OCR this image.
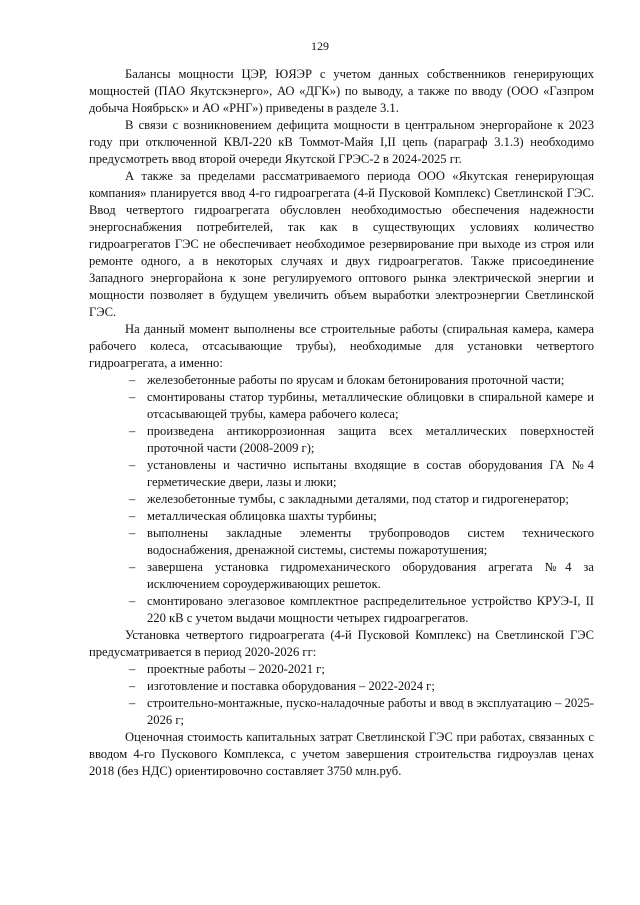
129

Балансы мощности ЦЭР, ЮЯЭР с учетом данных собственников генерирующих мощностей (ПАО Якутскэнерго», АО «ДГК») по выводу, а также по вводу (ООО «Газпром добыча Ноябрьск» и АО «РНГ») приведены в разделе 3.1.

В связи с возникновением дефицита мощности в центральном энергорайоне к 2023 году при отключенной КВЛ-220 кВ Томмот-Майя I,II цепь (параграф 3.1.3) необходимо предусмотреть ввод второй очереди Якутской ГРЭС-2 в 2024-2025 гг.

А также за пределами рассматриваемого периода ООО «Якутская генерирующая компания» планируется ввод 4-го гидроагрегата (4-й Пусковой Комплекс) Светлинской ГЭС. Ввод четвертого гидроагрегата обусловлен необходимостью обеспечения надежности энергоснабжения потребителей, так как в существующих условиях количество гидроагрегатов ГЭС не обеспечивает необходимое резервирование при выходе из строя или ремонте одного, а в некоторых случаях и двух гидроагрегатов. Также присоединение Западного энергорайона к зоне регулируемого оптового рынка электрической энергии и мощности позволяет в будущем увеличить объем выработки электроэнергии Светлинской ГЭС.

На данный момент выполнены все строительные работы (спиральная камера, камера рабочего колеса, отсасывающие трубы), необходимые для установки четвертого гидроагрегата, а именно:

– железобетонные работы по ярусам и блокам бетонирования проточной части;
– смонтированы статор турбины, металлические облицовки в спиральной камере и отсасывающей трубы, камера рабочего колеса;
– произведена антикоррозионная защита всех металлических поверхностей проточной части (2008-2009 г);
– установлены и частично испытаны входящие в состав оборудования ГА №4 герметические двери, лазы и люки;
– железобетонные тумбы, с закладными деталями, под статор и гидрогенератор;
– металлическая облицовка шахты турбины;
– выполнены закладные элементы трубопроводов систем технического водоснабжения, дренажной системы, системы пожаротушения;
– завершена установка гидромеханического оборудования агрегата №4 за исключением сороудерживающих решеток.
– смонтировано элегазовое комплектное распределительное устройство КРУЭ-I, II 220 кВ с учетом выдачи мощности четырех гидроагрегатов.

Установка четвертого гидроагрегата (4-й Пусковой Комплекс) на Светлинской ГЭС предусматривается в период 2020-2026 гг:

– проектные работы – 2020-2021 г;
– изготовление и поставка оборудования – 2022-2024 г;
– строительно-монтажные, пуско-наладочные работы и ввод в эксплуатацию – 2025-2026 г;

Оценочная стоимость капитальных затрат Светлинской ГЭС при работах, связанных с вводом 4-го Пускового Комплекса, с учетом завершения строительства гидроузлав ценах 2018 (без НДС) ориентировочно составляет 3750 млн.руб.
